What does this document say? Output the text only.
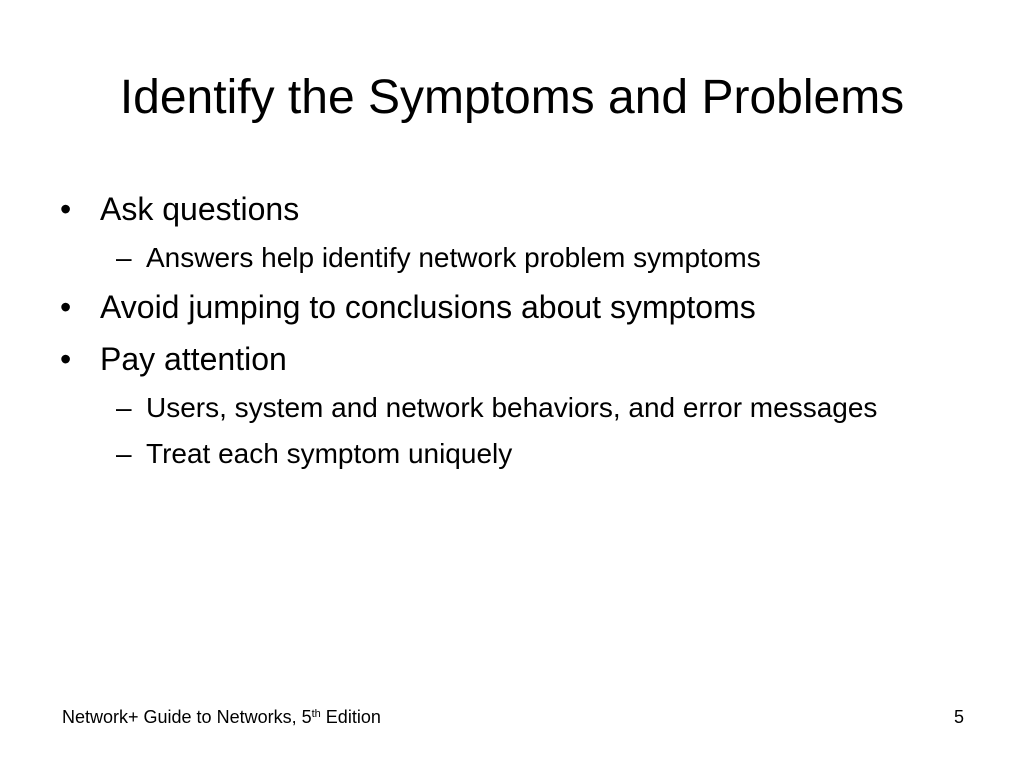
Identify the Symptoms and Problems
• Ask questions
– Answers help identify network problem symptoms
• Avoid jumping to conclusions about symptoms
• Pay attention
– Users, system and network behaviors, and error messages
– Treat each symptom uniquely
Network+ Guide to Networks, 5th Edition	5
